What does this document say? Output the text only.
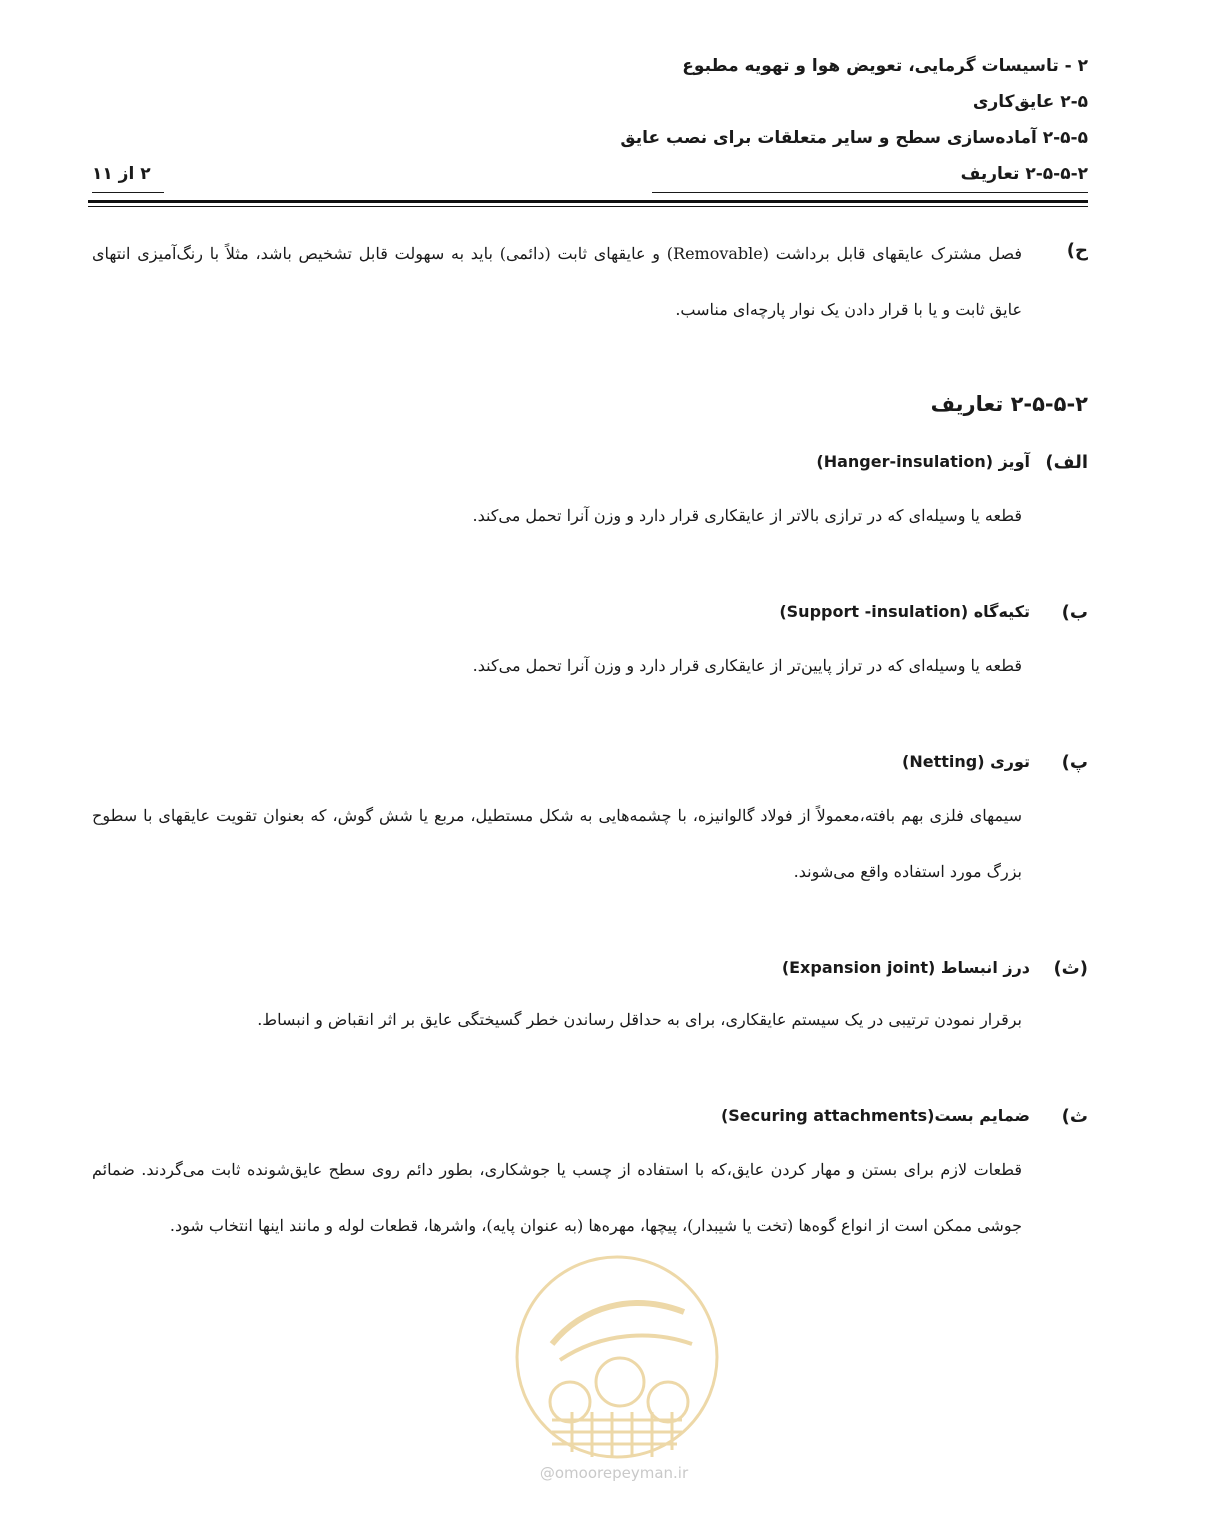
۲ - تاسیسات گرمایی، تعویض هوا و تهویه مطبوع
۲-۵ عایق‌کاری
۲-۵-۵ آماده‌سازی سطح و سایر متعلقات برای نصب عایق
۲-۵-۵-۲ تعاریف
۲ از ۱۱
ح)
فصل مشترک عایقهای قابل برداشت (Removable) و عایقهای ثابت (دائمی) باید به سهولت قابل تشخیص باشد، مثلاً با رنگ‌آمیزی انتهای عایق ثابت و یا با قرار دادن یک نوار پارچه‌ای مناسب.
۲-۵-۵-۲ تعاریف
الف)
آویز (Hanger-insulation)
قطعه یا وسیله‌ای که در ترازی بالاتر از عایقکاری قرار دارد و وزن آنرا تحمل می‌کند.
ب)
تکیه‌گاه (Support -insulation)
قطعه یا وسیله‌ای که در تراز پایین‌تر از عایقکاری قرار دارد و وزن آنرا تحمل می‌کند.
پ)
توری (Netting)
سیمهای فلزی بهم بافته،معمولاً از فولاد گالوانیزه، با چشمه‌هایی به شکل مستطیل، مربع یا شش گوش، که بعنوان تقویت عایقهای با سطوح بزرگ مورد استفاده واقع می‌شوند.
(ث)
درز انبساط (Expansion joint)
برقرار نمودن ترتیبی در یک سیستم عایقکاری، برای به حداقل رساندن خطر گسیختگی عایق بر اثر انقباض و انبساط.
ث)
ضمایم بست(Securing attachments)
قطعات لازم برای بستن و مهار کردن عایق،که با استفاده از چسب یا جوشکاری، بطور دائم روی سطح عایق‌شونده ثابت می‌گردند. ضمائم جوشی ممکن است از انواع گوه‌ها (تخت یا شیبدار)، پیچها، مهره‌ها (به عنوان پایه)، واشرها، قطعات لوله و مانند اینها انتخاب شود.
@omoorepeyman.ir
